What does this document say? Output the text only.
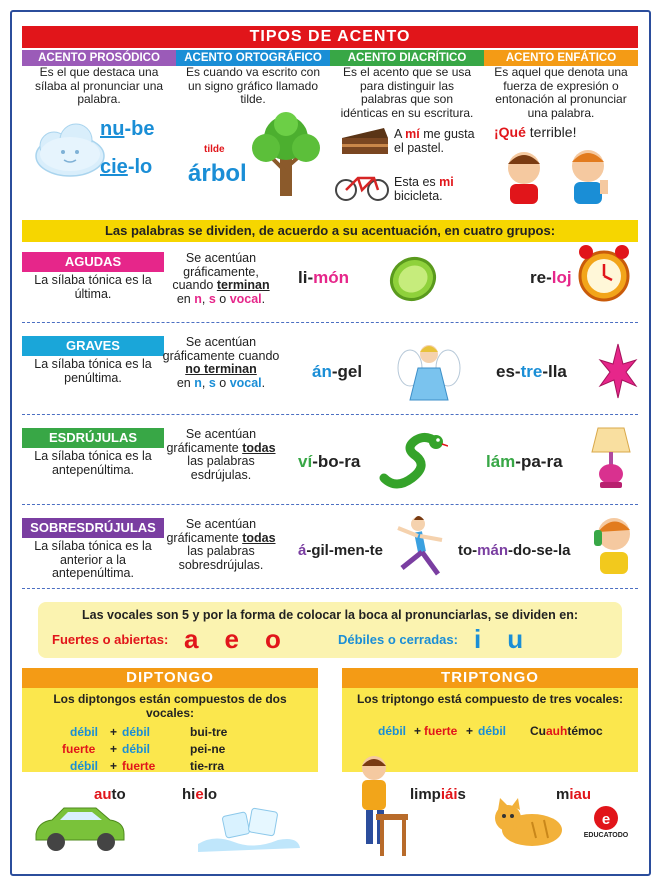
TIPOS DE ACENTO
ACENTO PROSÓDICO	ACENTO ORTOGRÁFICO	ACENTO DIACRÍTICO	ACENTO ENFÁTICO
Es el que destaca una sílaba al pronunciar una palabra.
nu-be
cie-lo
Es cuando va escrito con un signo gráfico llamado tilde.
tilde
árbol
Es el acento que se usa para distinguir las palabras que son idénticas en su escritura.
A mí me gusta el pastel.
Esta es mi bicicleta.
Es aquel que denota una fuerza de expresión o entonación al pronunciar una palabra.
¡Qué terrible!
Las palabras se dividen, de acuerdo a su acentuación, en cuatro grupos:
AGUDAS
La sílaba tónica es la última.
Se acentúan gráficamente, cuando terminan
en n, s o vocal.
li-món	re-loj
GRAVES
La sílaba tónica es la penúltima.
Se acentúan gráficamente cuando no terminan
en n, s o vocal.
án-gel	es-tre-lla
ESDRÚJULAS
La sílaba tónica es la antepenúltima.
Se acentúan gráficamente todas las palabras esdrújulas.
ví-bo-ra	lám-pa-ra
SOBRESDRÚJULAS
La sílaba tónica es la anterior a la antepenúltima.
Se acentúan gráficamente todas las palabras sobresdrújulas.
á-gil-men-te	to-mán-do-se-la
Las vocales son 5 y por la forma de colocar la boca al pronunciarlas, se dividen en:
Fuertes o abiertas: a e o	Débiles o cerradas: i u
DIPTONGO
Los diptongos están compuestos de dos vocales:
débil + débil	bui-tre
fuerte + débil	pei-ne
débil + fuerte	tie-rra
auto	hielo
TRIPTONGO
Los triptongo está compuesto de tres vocales:
débil + fuerte + débil Cuauhtémoc
limpiáis	miau
e
EDUCATODO
